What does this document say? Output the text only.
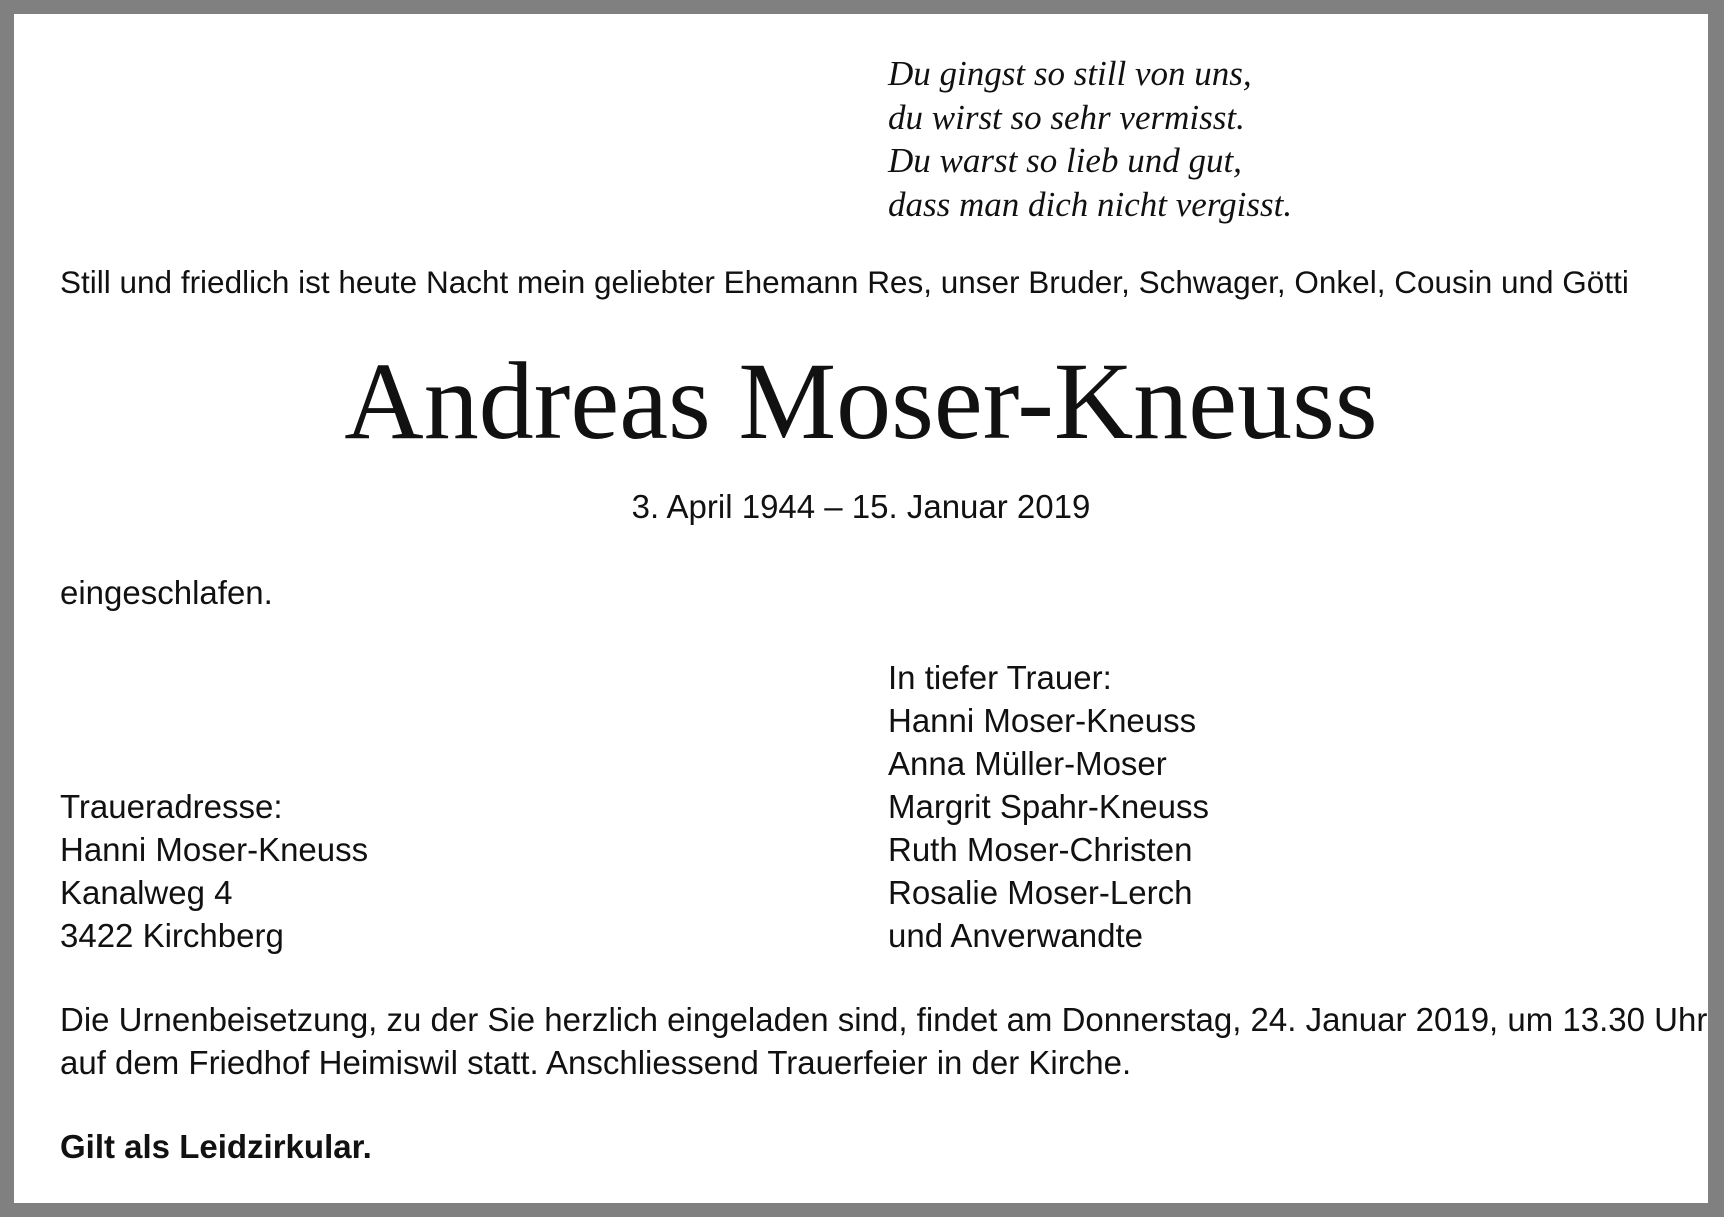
Du gingst so still von uns,
du wirst so sehr vermisst.
Du warst so lieb und gut,
dass man dich nicht vergisst.
Still und friedlich ist heute Nacht mein geliebter Ehemann Res, unser Bruder, Schwager, Onkel, Cousin und Götti
Andreas Moser-Kneuss
3. April 1944 – 15. Januar 2019
eingeschlafen.
In tiefer Trauer:
Hanni Moser-Kneuss
Anna Müller-Moser
Margrit Spahr-Kneuss
Ruth Moser-Christen
Rosalie Moser-Lerch
und Anverwandte
Traueradresse:
Hanni Moser-Kneuss
Kanalweg 4
3422 Kirchberg
Die Urnenbeisetzung, zu der Sie herzlich eingeladen sind, findet am Donnerstag, 24. Januar 2019, um 13.30 Uhr
auf dem Friedhof Heimiswil statt. Anschliessend Trauerfeier in der Kirche.
Gilt als Leidzirkular.
